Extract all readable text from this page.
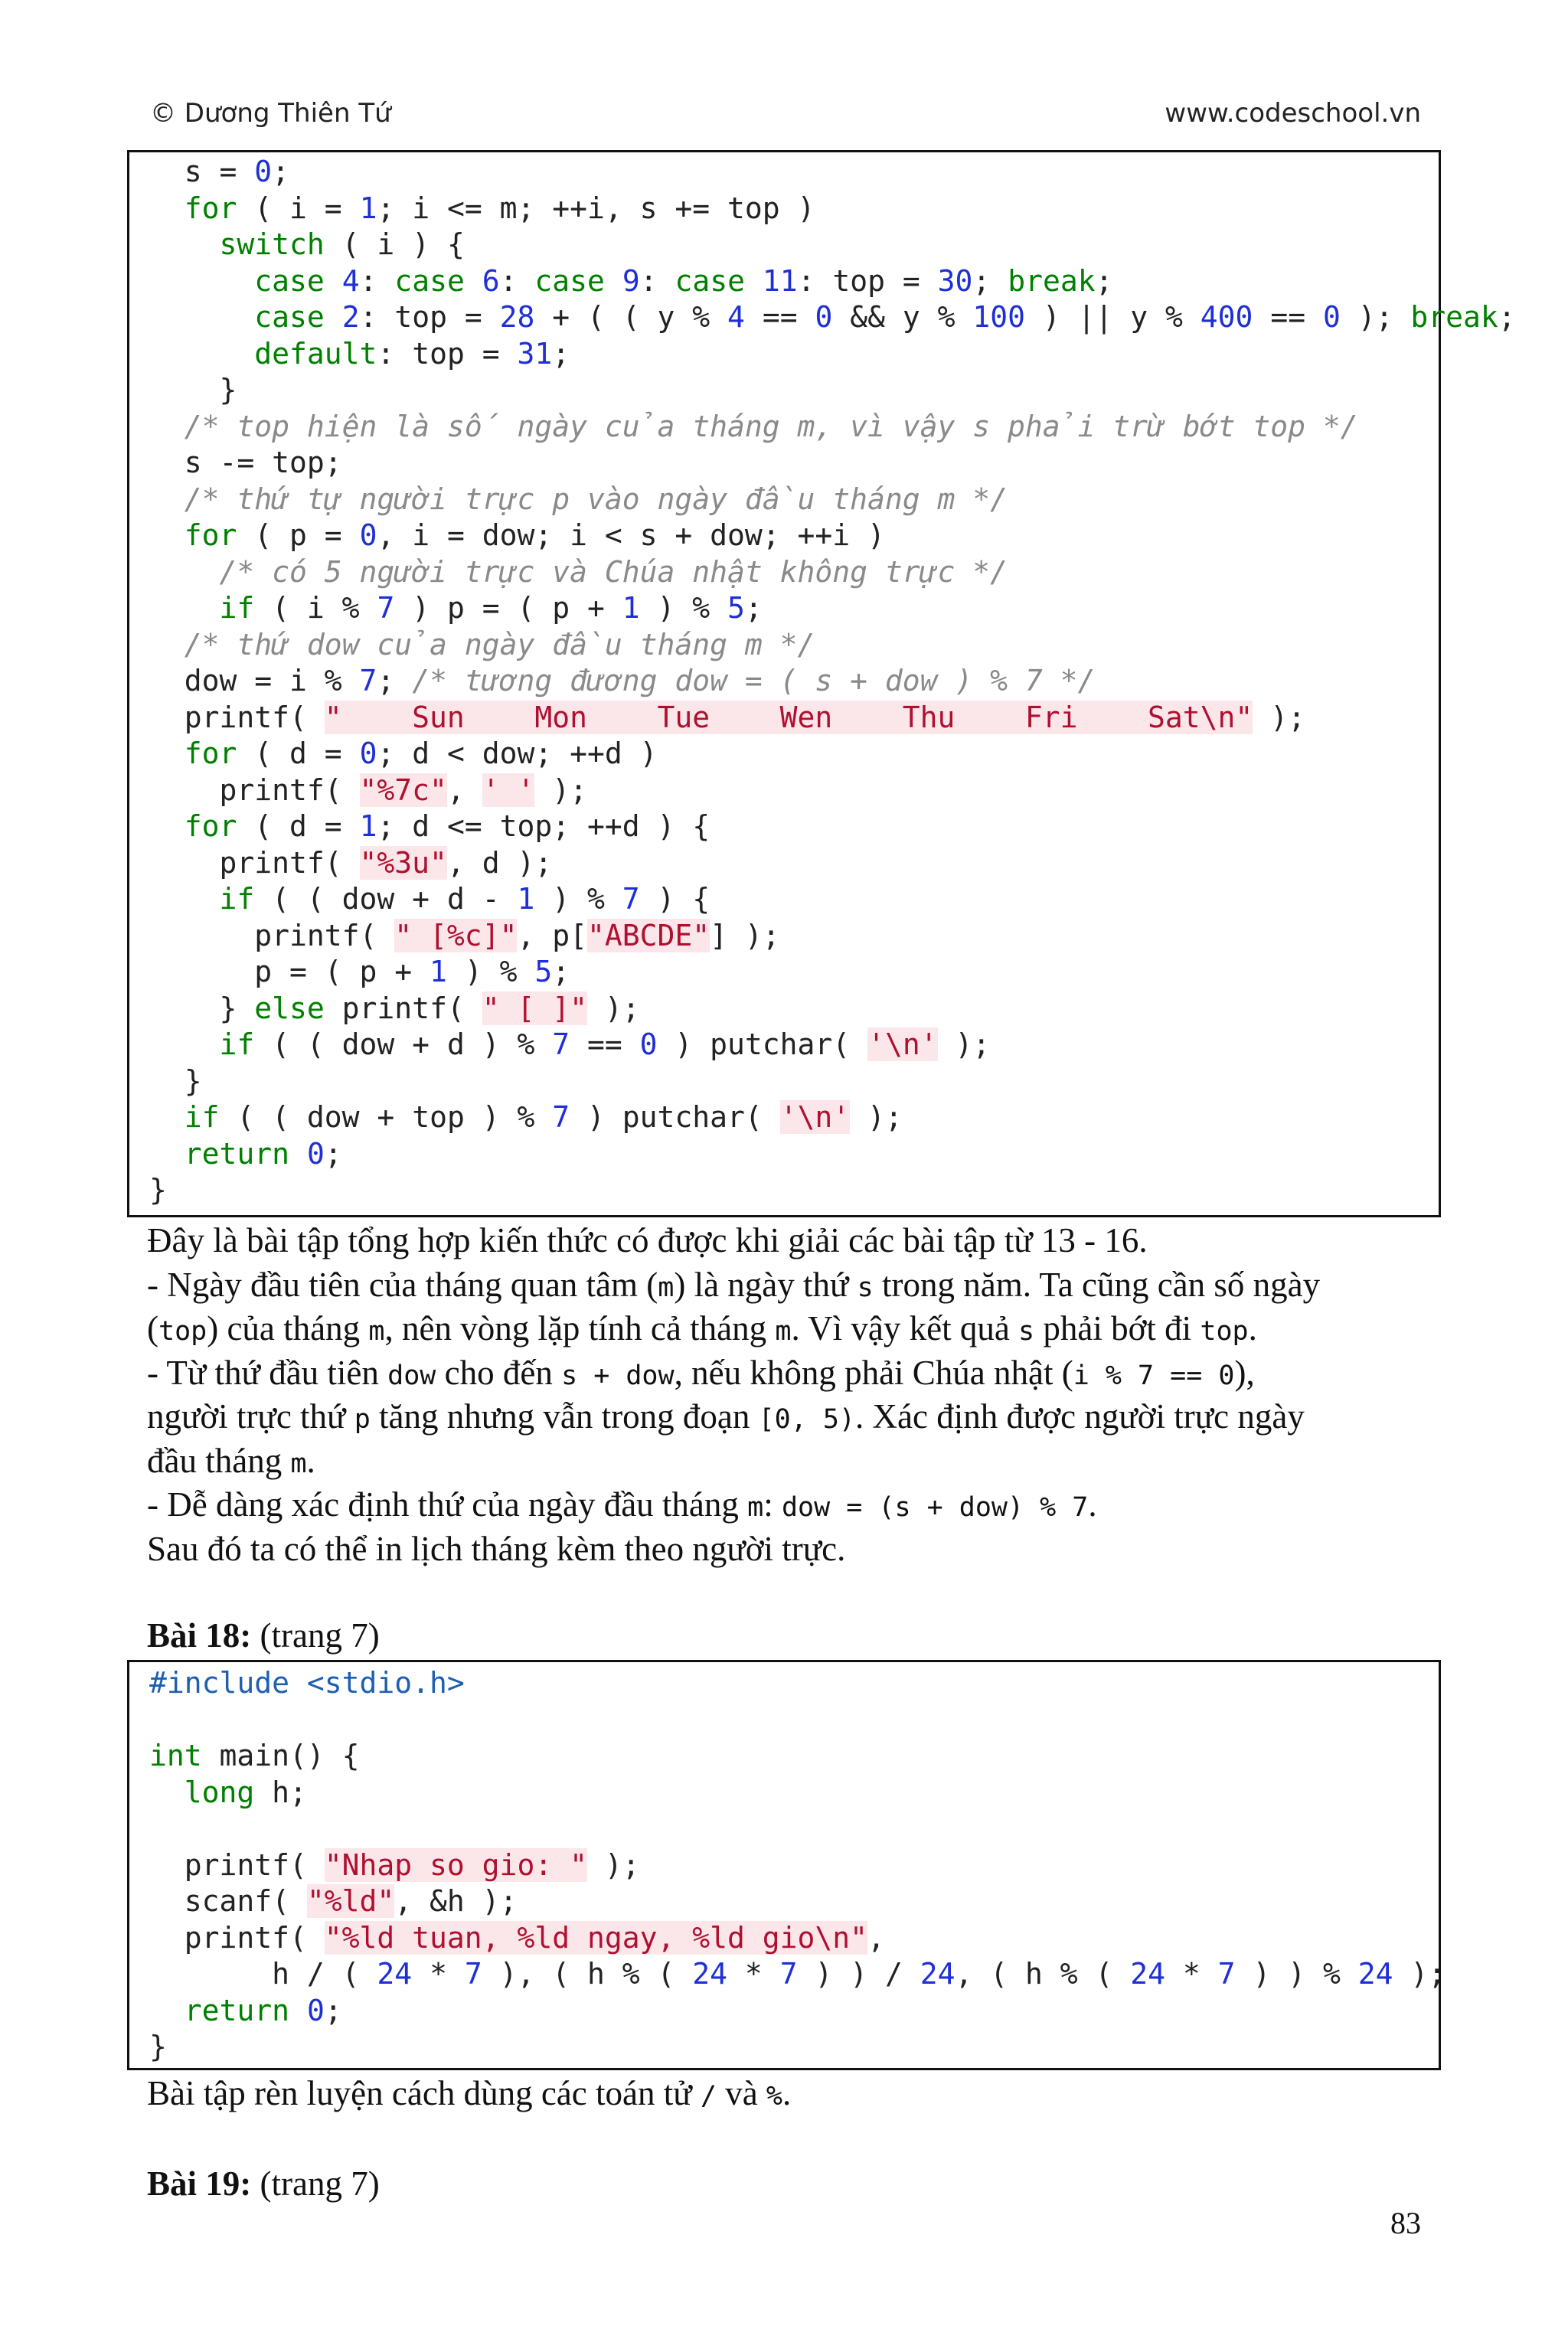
© Dương Thiên Tứ	www.codeschool.vn
s = 0;
for ( i = 1; i <= m; ++i, s += top )
switch ( i ) {
case 4: case 6: case 9: case 11: top = 30; break;
case 2: top = 28 + ( ( y % 4 == 0 && y % 100 ) || y % 400 == 0 ); break;
default: top = 31;
}
/* top hiện là số ngày của tháng m, vì vậy s phải trừ bớt top */
s -= top;
/* thứ tự người trực p vào ngày đầu tháng m */
for ( p = 0, i = dow; i < s + dow; ++i )
/* có 5 người trực và Chúa nhật không trực */
if ( i % 7 ) p = ( p + 1 ) % 5;
/* thứ dow của ngày đầu tháng m */
dow = i % 7; /* tương đương dow = ( s + dow ) % 7 */
printf( "    Sun    Mon    Tue    Wen    Thu    Fri    Sat\n" );
for ( d = 0; d < dow; ++d )
printf( "%7c", ' ' );
for ( d = 1; d <= top; ++d ) {
printf( "%3u", d );
if ( ( dow + d - 1 ) % 7 ) {
printf( " [%c]", p["ABCDE"] );
p = ( p + 1 ) % 5;
} else printf( " [ ]" );
if ( ( dow + d ) % 7 == 0 ) putchar( '\n' );
}
if ( ( dow + top ) % 7 ) putchar( '\n' );
return 0;
}
Đây là bài tập tổng hợp kiến thức có được khi giải các bài tập từ 13 - 16.
- Ngày đầu tiên của tháng quan tâm (m) là ngày thứ s trong năm. Ta cũng cần số ngày
(top) của tháng m, nên vòng lặp tính cả tháng m. Vì vậy kết quả s phải bớt đi top.
- Từ thứ đầu tiên dow cho đến s + dow, nếu không phải Chúa nhật (i % 7 == 0),
người trực thứ p tăng nhưng vẫn trong đoạn [0, 5). Xác định được người trực ngày
đầu tháng m.
- Dễ dàng xác định thứ của ngày đầu tháng m: dow = (s + dow) % 7.
Sau đó ta có thể in lịch tháng kèm theo người trực.
Bài 18: (trang 7)
#include <stdio.h>
int main() {
long h;
printf( "Nhap so gio: " );
scanf( "%ld", &h );
printf( "%ld tuan, %ld ngay, %ld gio\n",
h / ( 24 * 7 ), ( h % ( 24 * 7 ) ) / 24, ( h % ( 24 * 7 ) ) % 24 );
return 0;
}
Bài tập rèn luyện cách dùng các toán tử / và %.
Bài 19: (trang 7)
83
